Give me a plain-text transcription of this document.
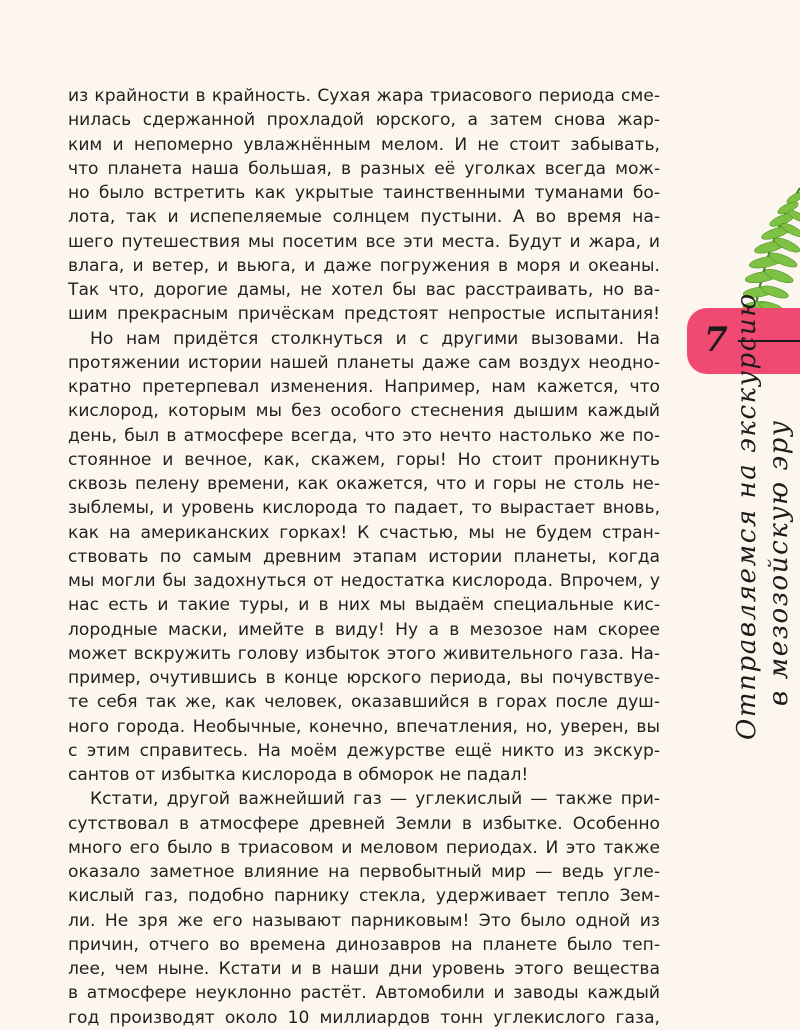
из крайности в крайность. Сухая жара триасового периода сме-
нилась сдержанной прохладой юрского, а затем снова жар-
ким и непомерно увлажнённым мелом. И не стоит забывать,
что планета наша большая, в разных её уголках всегда мож-
но было встретить как укрытые таинственными туманами бо-
лота, так и испепеляемые солнцем пустыни. А во время на-
шего путешествия мы посетим все эти места. Будут и жара, и
влага, и ветер, и вьюга, и даже погружения в моря и океаны.
Так что, дорогие дамы, не хотел бы вас расстраивать, но ва-
шим прекрасным причёскам предстоят непростые испытания!
Но нам придётся столкнуться и с другими вызовами. На
протяжении истории нашей планеты даже сам воздух неодно-
кратно претерпевал изменения. Например, нам кажется, что
кислород, которым мы без особого стеснения дышим каждый
день, был в атмосфере всегда, что это нечто настолько же по-
стоянное и вечное, как, скажем, горы! Но стоит проникнуть
сквозь пелену времени, как окажется, что и горы не столь не-
зыблемы, и уровень кислорода то падает, то вырастает вновь,
как на американских горках! К счастью, мы не будем стран-
ствовать по самым древним этапам истории планеты, когда
мы могли бы задохнуться от недостатка кислорода. Впрочем, у
нас есть и такие туры, и в них мы выдаём специальные кис-
лородные маски, имейте в виду! Ну а в мезозое нам скорее
может вскружить голову избыток этого живительного газа. На-
пример, очутившись в конце юрского периода, вы почувствуе-
те себя так же, как человек, оказавшийся в горах после душ-
ного города. Необычные, конечно, впечатления, но, уверен, вы
с этим справитесь. На моём дежурстве ещё никто из экскур-
сантов от избытка кислорода в обморок не падал!
Кстати, другой важнейший газ — углекислый — также при-
сутствовал в атмосфере древней Земли в избытке. Особенно
много его было в триасовом и меловом периодах. И это также
оказало заметное влияние на первобытный мир — ведь угле-
кислый газ, подобно парнику стекла, удерживает тепло Зем-
ли. Не зря же его называют парниковым! Это было одной из
причин, отчего во времена динозавров на планете было теп-
лее, чем ныне. Кстати и в наши дни уровень этого вещества
в атмосфере неуклонно растёт. Автомобили и заводы каждый
год производят около 10 миллиардов тонн углекислого газа,
7 Отправляемся на экскурсию в мезозойскую эру
